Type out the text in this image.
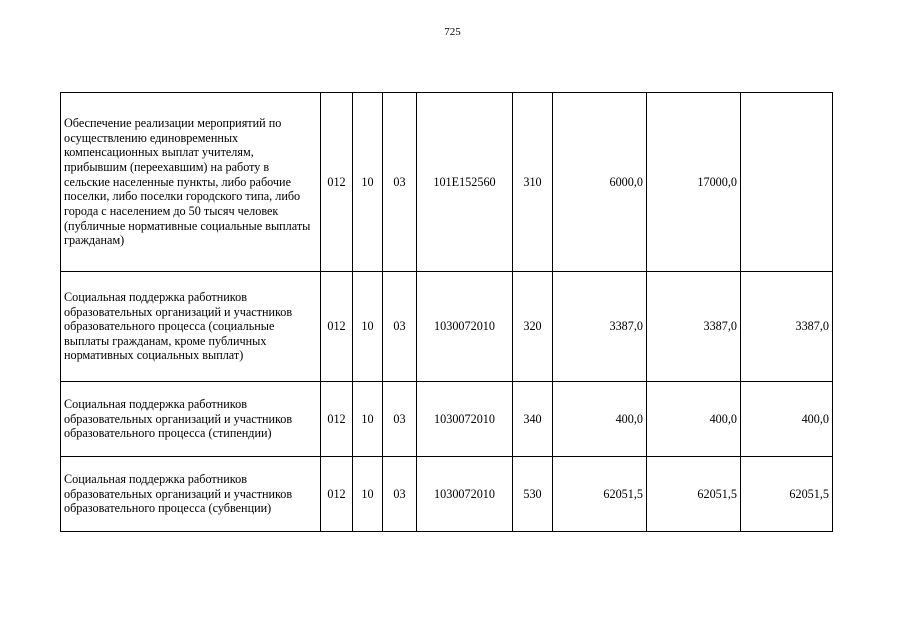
725
Обеспечение реализации мероприятий по осуществлению единовременных компенсационных выплат учителям, прибывшим (переехавшим) на работу в сельские населенные пункты, либо рабочие поселки, либо поселки городского типа, либо города с населением до 50 тысяч человек (публичные нормативные социальные выплаты гражданам)	012	10	03	101Е152560	310	6000,0	17000,0	
Социальная поддержка работников образовательных организаций и участников образовательного процесса (социальные выплаты гражданам, кроме публичных нормативных социальных выплат)	012	10	03	1030072010	320	3387,0	3387,0	3387,0
Социальная поддержка работников образовательных организаций и участников образовательного процесса (стипендии)	012	10	03	1030072010	340	400,0	400,0	400,0
Социальная поддержка работников образовательных организаций и участников образовательного процесса (субвенции)	012	10	03	1030072010	530	62051,5	62051,5	62051,5
